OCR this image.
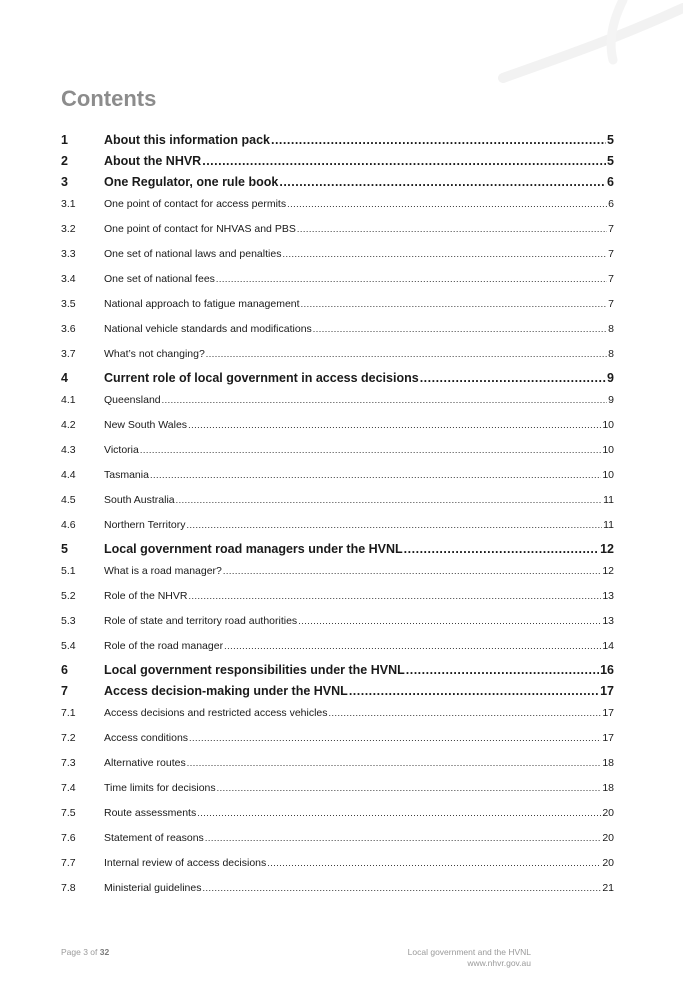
Contents
1	About this information pack .....	5
2	About the NHVR .....	5
3	One Regulator, one rule book .....	6
3.1	One point of contact for access permits .....	6
3.2	One point of contact for NHVAS and PBS .....	7
3.3	One set of national laws and penalties .....	7
3.4	One set of national fees .....	7
3.5	National approach to fatigue management .....	7
3.6	National vehicle standards and modifications .....	8
3.7	What’s not changing? .....	8
4	Current role of local government in access decisions .....	9
4.1	Queensland .....	9
4.2	New South Wales .....	10
4.3	Victoria .....	10
4.4	Tasmania .....	10
4.5	South Australia .....	11
4.6	Northern Territory .....	11
5	Local government road managers under the HVNL .....	12
5.1	What is a road manager? .....	12
5.2	Role of the NHVR .....	13
5.3	Role of state and territory road authorities .....	13
5.4	Role of the road manager .....	14
6	Local government responsibilities under the HVNL .....	16
7	Access decision-making under the HVNL .....	17
7.1	Access decisions and restricted access vehicles .....	17
7.2	Access conditions .....	17
7.3	Alternative routes .....	18
7.4	Time limits for decisions .....	18
7.5	Route assessments .....	20
7.6	Statement of reasons .....	20
7.7	Internal review of access decisions .....	20
7.8	Ministerial guidelines .....	21
Page 3 of 32	Local government and the HVNL
www.nhvr.gov.au
